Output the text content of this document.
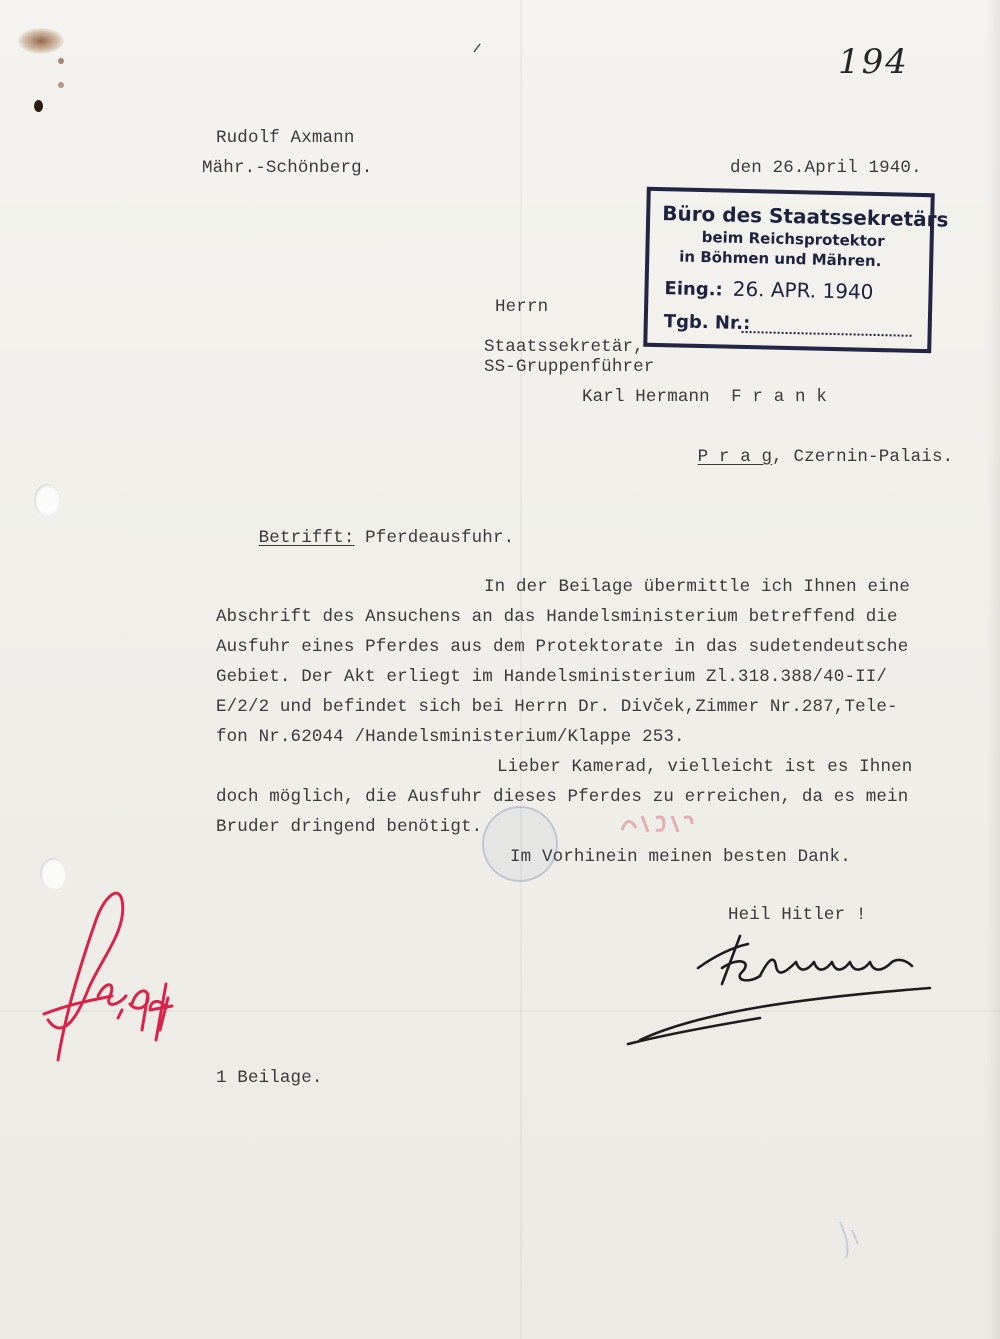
194
Rudolf Axmann
Mähr.-Schönberg.	den 26.April 1940.
Büro des Staatssekretärs
beim Reichsprotektor
in Böhmen und Mähren.
Eing.: 26. APR. 1940
Tgb. Nr.:
Herrn
Staatssekretär,
SS-Gruppenführer
Karl Hermann  F r a n k

P r a g, Czernin-Palais.

Betrifft: Pferdeausfuhr.

In der Beilage übermittle ich Ihnen eine
Abschrift des Ansuchens an das Handelsministerium betreffend die
Ausfuhr eines Pferdes aus dem Protektorate in das sudetendeutsche
Gebiet. Der Akt erliegt im Handelsministerium Zl.318.388/40-II/
E/2/2 und befindet sich bei Herrn Dr. Divček,Zimmer Nr.287,Tele-
fon Nr.62044 /Handelsministerium/Klappe 253.
Lieber Kamerad, vielleicht ist es Ihnen
doch möglich, die Ausfuhr dieses Pferdes zu erreichen, da es mein
Bruder dringend benötigt.
Im Vorhinein meinen besten Dank.
Heil Hitler !
1 Beilage.
